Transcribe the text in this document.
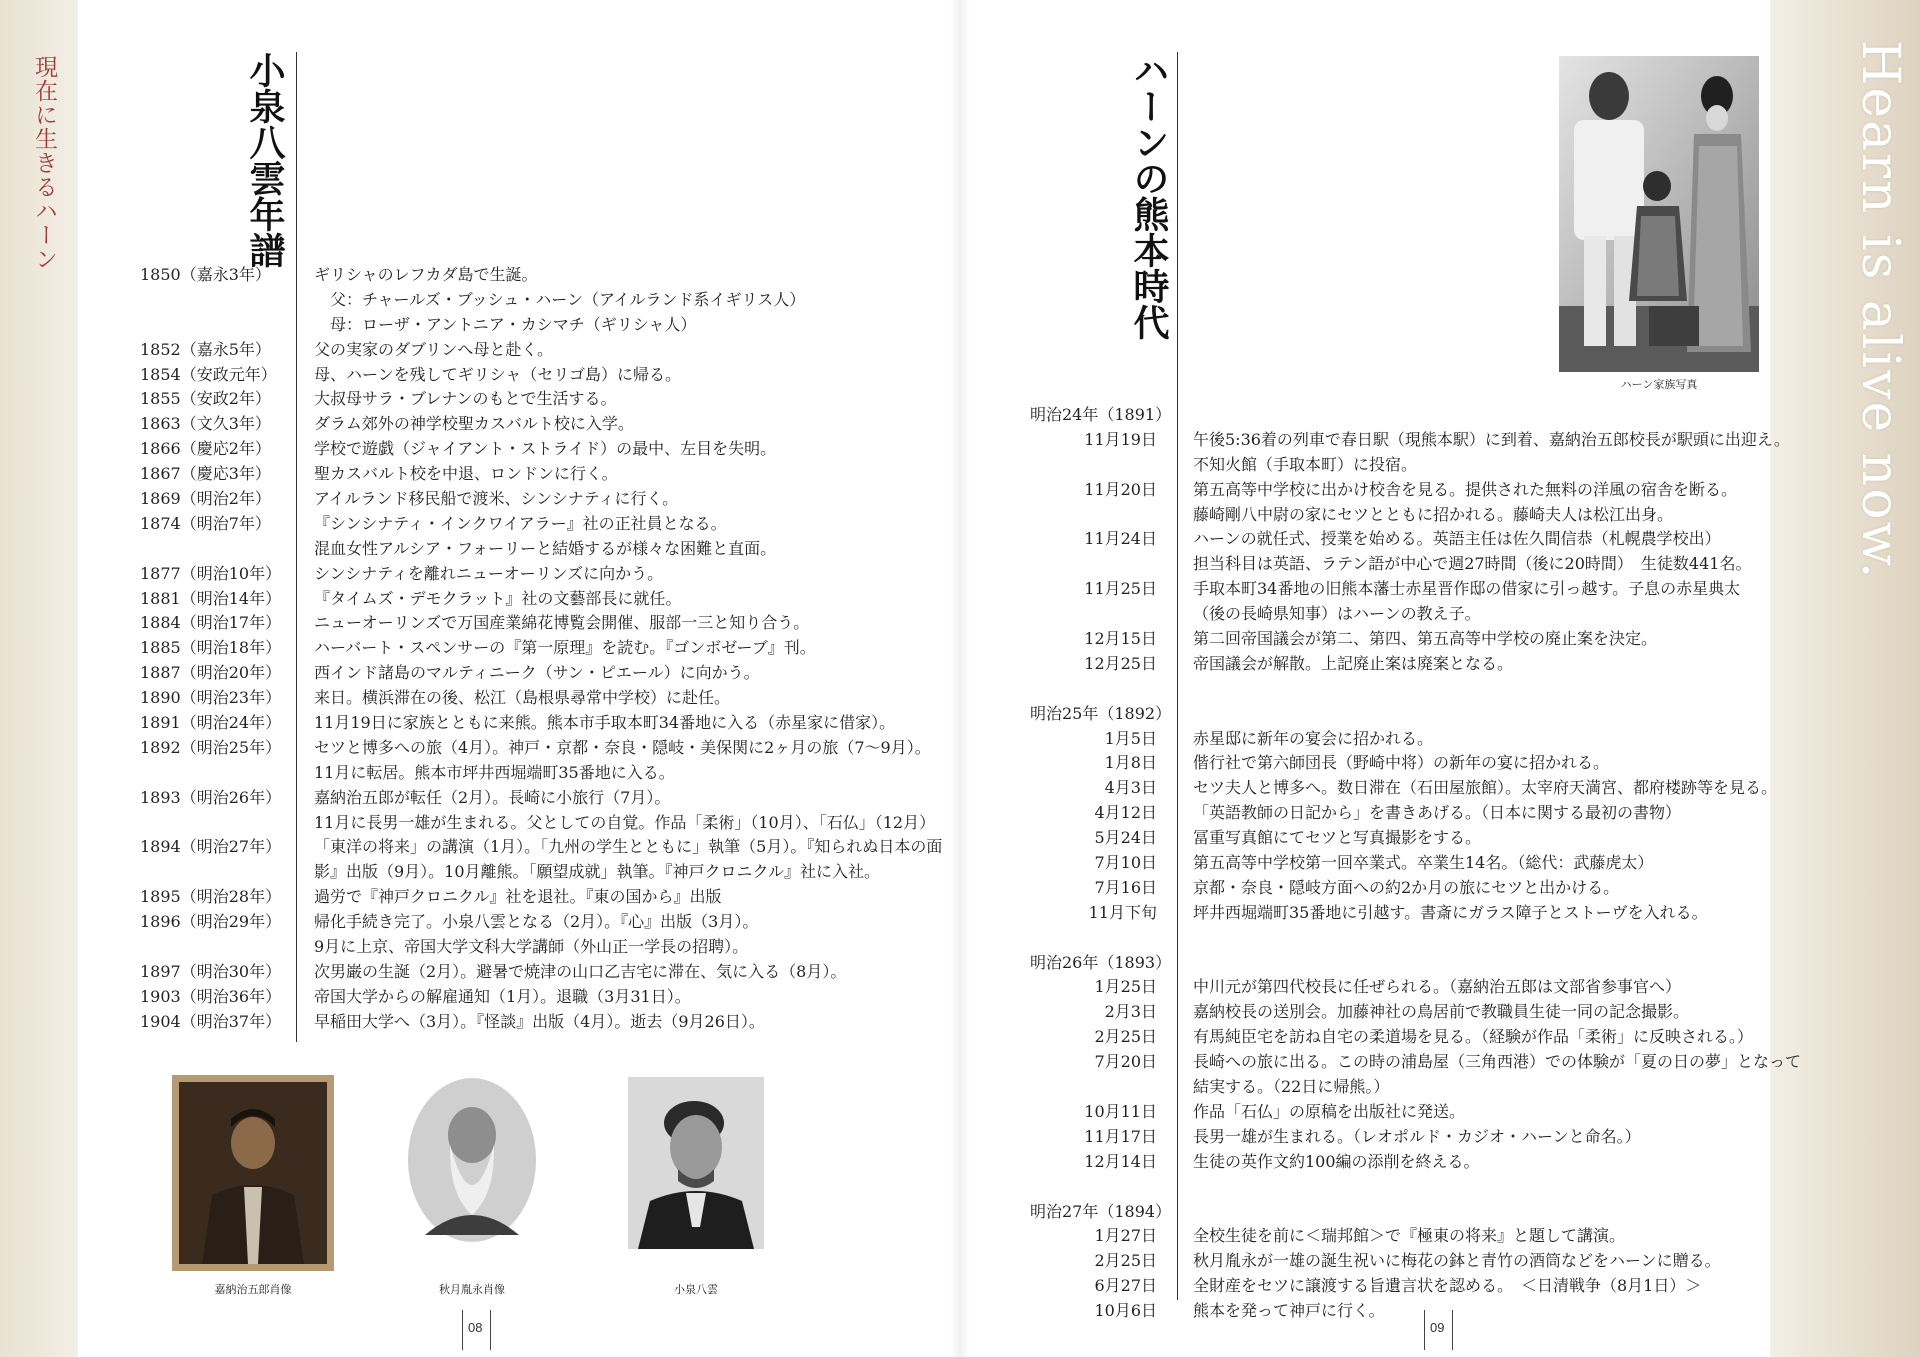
現在に生きるハーン	Hearn is alive now.
小泉八雲年譜	ハーンの熊本時代
1850（嘉永3年）	ギリシャのレフカダ島で生誕。
　父：チャールズ・ブッシュ・ハーン（アイルランド系イギリス人）
　母：ローザ・アントニア・カシマチ（ギリシャ人）
1852（嘉永5年）	父の実家のダブリンへ母と赴く。
1854（安政元年）	母、ハーンを残してギリシャ（セリゴ島）に帰る。
1855（安政2年）	大叔母サラ・ブレナンのもとで生活する。
1863（文久3年）	ダラム郊外の神学校聖カスバルト校に入学。
1866（慶応2年）	学校で遊戯（ジャイアント・ストライド）の最中、左目を失明。
1867（慶応3年）	聖カスバルト校を中退、ロンドンに行く。
1869（明治2年）	アイルランド移民船で渡米、シンシナティに行く。
1874（明治7年）	『シンシナティ・インクワイアラー』社の正社員となる。
混血女性アルシア・フォーリーと結婚するが様々な困難と直面。
1877（明治10年）	シンシナティを離れニューオーリンズに向かう。
1881（明治14年）	『タイムズ・デモクラット』社の文藝部長に就任。
1884（明治17年）	ニューオーリンズで万国産業綿花博覧会開催、服部一三と知り合う。
1885（明治18年）	ハーバート・スペンサーの『第一原理』を読む。『ゴンボゼーブ』刊。
1887（明治20年）	西インド諸島のマルティニーク（サン・ピエール）に向かう。
1890（明治23年）	来日。横浜滞在の後、松江（島根県尋常中学校）に赴任。
1891（明治24年）	11月19日に家族とともに来熊。熊本市手取本町34番地に入る（赤星家に借家）。
1892（明治25年）	セツと博多への旅（4月）。神戸・京都・奈良・隠岐・美保関に2ヶ月の旅（7〜9月）。
11月に転居。熊本市坪井西堀端町35番地に入る。
1893（明治26年）	嘉納治五郎が転任（2月）。長崎に小旅行（7月）。
11月に長男一雄が生まれる。父としての自覚。作品「柔術」（10月）、「石仏」（12月）
1894（明治27年）	「東洋の将来」の講演（1月）。「九州の学生とともに」執筆（5月）。『知られぬ日本の面
影』出版（9月）。10月離熊。「願望成就」執筆。『神戸クロニクル』社に入社。
1895（明治28年）	過労で『神戸クロニクル』社を退社。『東の国から』出版
1896（明治29年）	帰化手続き完了。小泉八雲となる（2月）。『心』出版（3月）。
9月に上京、帝国大学文科大学講師（外山正一学長の招聘）。
1897（明治30年）	次男巌の生誕（2月）。避暑で焼津の山口乙吉宅に滞在、気に入る（8月）。
1903（明治36年）	帝国大学からの解雇通知（1月）。退職（3月31日）。
1904（明治37年）	早稲田大学へ（3月）。『怪談』出版（4月）。逝去（9月26日）。
明治24年（1891）
11月19日 午後5:36着の列車で春日駅（現熊本駅）に到着、嘉納治五郎校長が駅頭に出迎え。
不知火館（手取本町）に投宿。
11月20日 第五高等中学校に出かけ校舎を見る。提供された無料の洋風の宿舎を断る。
藤崎剛八中尉の家にセツとともに招かれる。藤崎夫人は松江出身。
11月24日 ハーンの就任式、授業を始める。英語主任は佐久間信恭（札幌農学校出）
担当科目は英語、ラテン語が中心で週27時間（後に20時間）　生徒数441名。
11月25日 手取本町34番地の旧熊本藩士赤星晋作邸の借家に引っ越す。子息の赤星典太
（後の長崎県知事）はハーンの教え子。
12月15日 第二回帝国議会が第二、第四、第五高等中学校の廃止案を決定。
12月25日 帝国議会が解散。上記廃止案は廃案となる。
明治25年（1892）
1月5日 赤星邸に新年の宴会に招かれる。
1月8日 偕行社で第六師団長（野崎中将）の新年の宴に招かれる。
4月3日 セツ夫人と博多へ。数日滞在（石田屋旅館）。太宰府天満宮、都府楼跡等を見る。
4月12日 「英語教師の日記から」を書きあげる。（日本に関する最初の書物）
5月24日 冨重写真館にてセツと写真撮影をする。
7月10日 第五高等中学校第一回卒業式。卒業生14名。（総代：武藤虎太）
7月16日 京都・奈良・隠岐方面への約2か月の旅にセツと出かける。
11月下旬 坪井西堀端町35番地に引越す。書斎にガラス障子とストーヴを入れる。
明治26年（1893）
1月25日 中川元が第四代校長に任ぜられる。（嘉納治五郎は文部省参事官へ）
2月3日 嘉納校長の送別会。加藤神社の鳥居前で教職員生徒一同の記念撮影。
2月25日 有馬純臣宅を訪ね自宅の柔道場を見る。（経験が作品「柔術」に反映される。）
7月20日 長崎への旅に出る。この時の浦島屋（三角西港）での体験が「夏の日の夢」となって
結実する。（22日に帰熊。）
10月11日 作品「石仏」の原稿を出版社に発送。
11月17日 長男一雄が生まれる。（レオポルド・カジオ・ハーンと命名。）
12月14日 生徒の英作文約100編の添削を終える。
明治27年（1894）
1月27日 全校生徒を前に＜瑞邦館＞で『極東の将来』と題して講演。
2月25日 秋月胤永が一雄の誕生祝いに梅花の鉢と青竹の酒筒などをハーンに贈る。
6月27日 全財産をセツに譲渡する旨遺言状を認める。　＜日清戦争（8月1日）＞
10月6日 熊本を発って神戸に行く。
ハーン家族写真
嘉納治五郎肖像	秋月胤永肖像	小泉八雲
08	09
